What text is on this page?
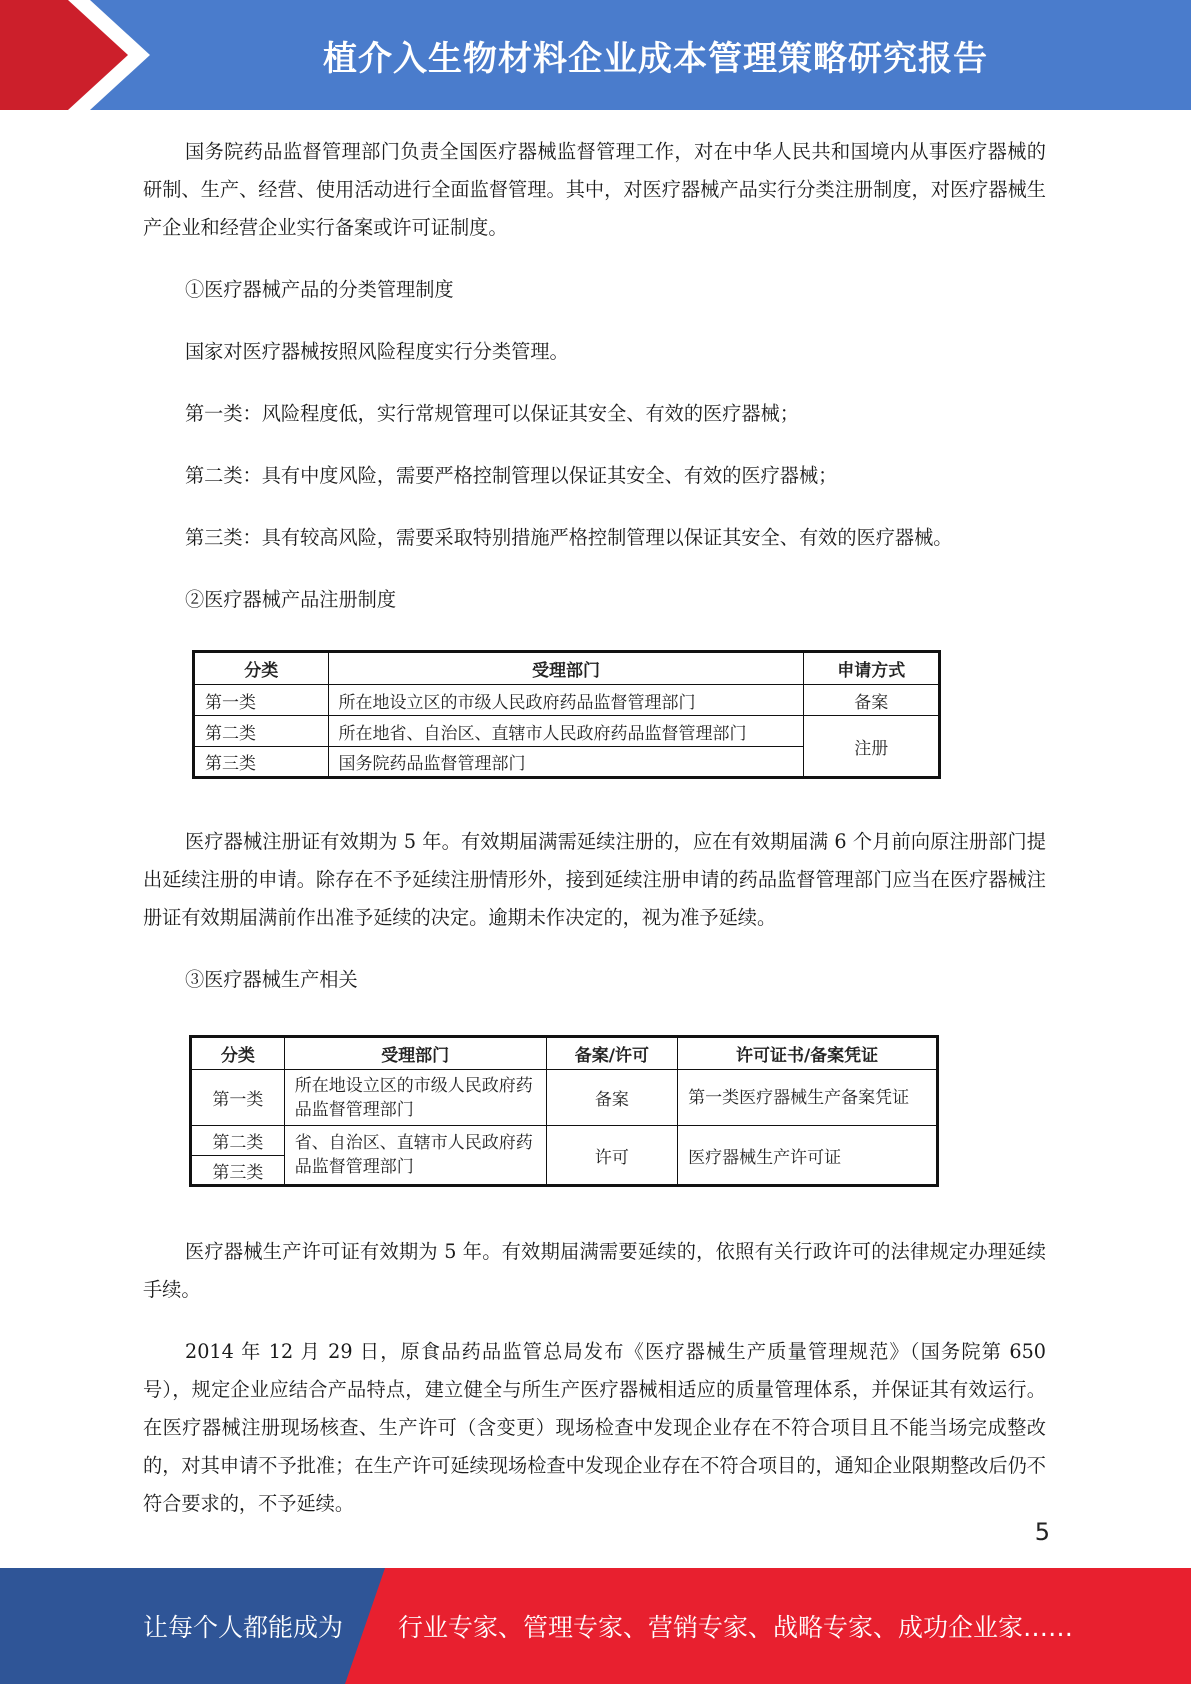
植介入生物材料企业成本管理策略研究报告

国务院药品监督管理部门负责全国医疗器械监督管理工作，对在中华人民共和国境内从事医疗器械的研制、生产、经营、使用活动进行全面监督管理。其中，对医疗器械产品实行分类注册制度，对医疗器械生产企业和经营企业实行备案或许可证制度。

①医疗器械产品的分类管理制度

国家对医疗器械按照风险程度实行分类管理。

第一类：风险程度低，实行常规管理可以保证其安全、有效的医疗器械；

第二类：具有中度风险，需要严格控制管理以保证其安全、有效的医疗器械；

第三类：具有较高风险，需要采取特别措施严格控制管理以保证其安全、有效的医疗器械。

②医疗器械产品注册制度

医疗器械注册证有效期为 5 年。有效期届满需延续注册的，应在有效期届满 6 个月前向原注册部门提出延续注册的申请。除存在不予延续注册情形外，接到延续注册申请的药品监督管理部门应当在医疗器械注册证有效期届满前作出准予延续的决定。逾期未作决定的，视为准予延续。

③医疗器械生产相关

医疗器械生产许可证有效期为 5 年。有效期届满需要延续的，依照有关行政许可的法律规定办理延续手续。

2014 年 12 月 29 日，原食品药品监管总局发布《医疗器械生产质量管理规范》（国务院第 650 号），规定企业应结合产品特点，建立健全与所生产医疗器械相适应的质量管理体系，并保证其有效运行。在医疗器械注册现场核查、生产许可（含变更）现场检查中发现企业存在不符合项目且不能当场完成整改的，对其申请不予批准；在生产许可延续现场检查中发现企业存在不符合项目的，通知企业限期整改后仍不符合要求的，不予延续。

分类	受理部门	申请方式
第一类	所在地设立区的市级人民政府药品监督管理部门	备案
第二类	所在地省、自治区、直辖市人民政府药品监督管理部门	注册
第三类	国务院药品监督管理部门	
分类	受理部门	备案/许可	许可证书/备案凭证
第一类	所在地设立区的市级人民政府药品监督管理部门	备案	第一类医疗器械生产备案凭证
第二类	省、自治区、直辖市人民政府药品监督管理部门	许可	医疗器械生产许可证
第三类			
5
让每个人都能成为 行业专家、管理专家、营销专家、战略专家、成功企业家……
